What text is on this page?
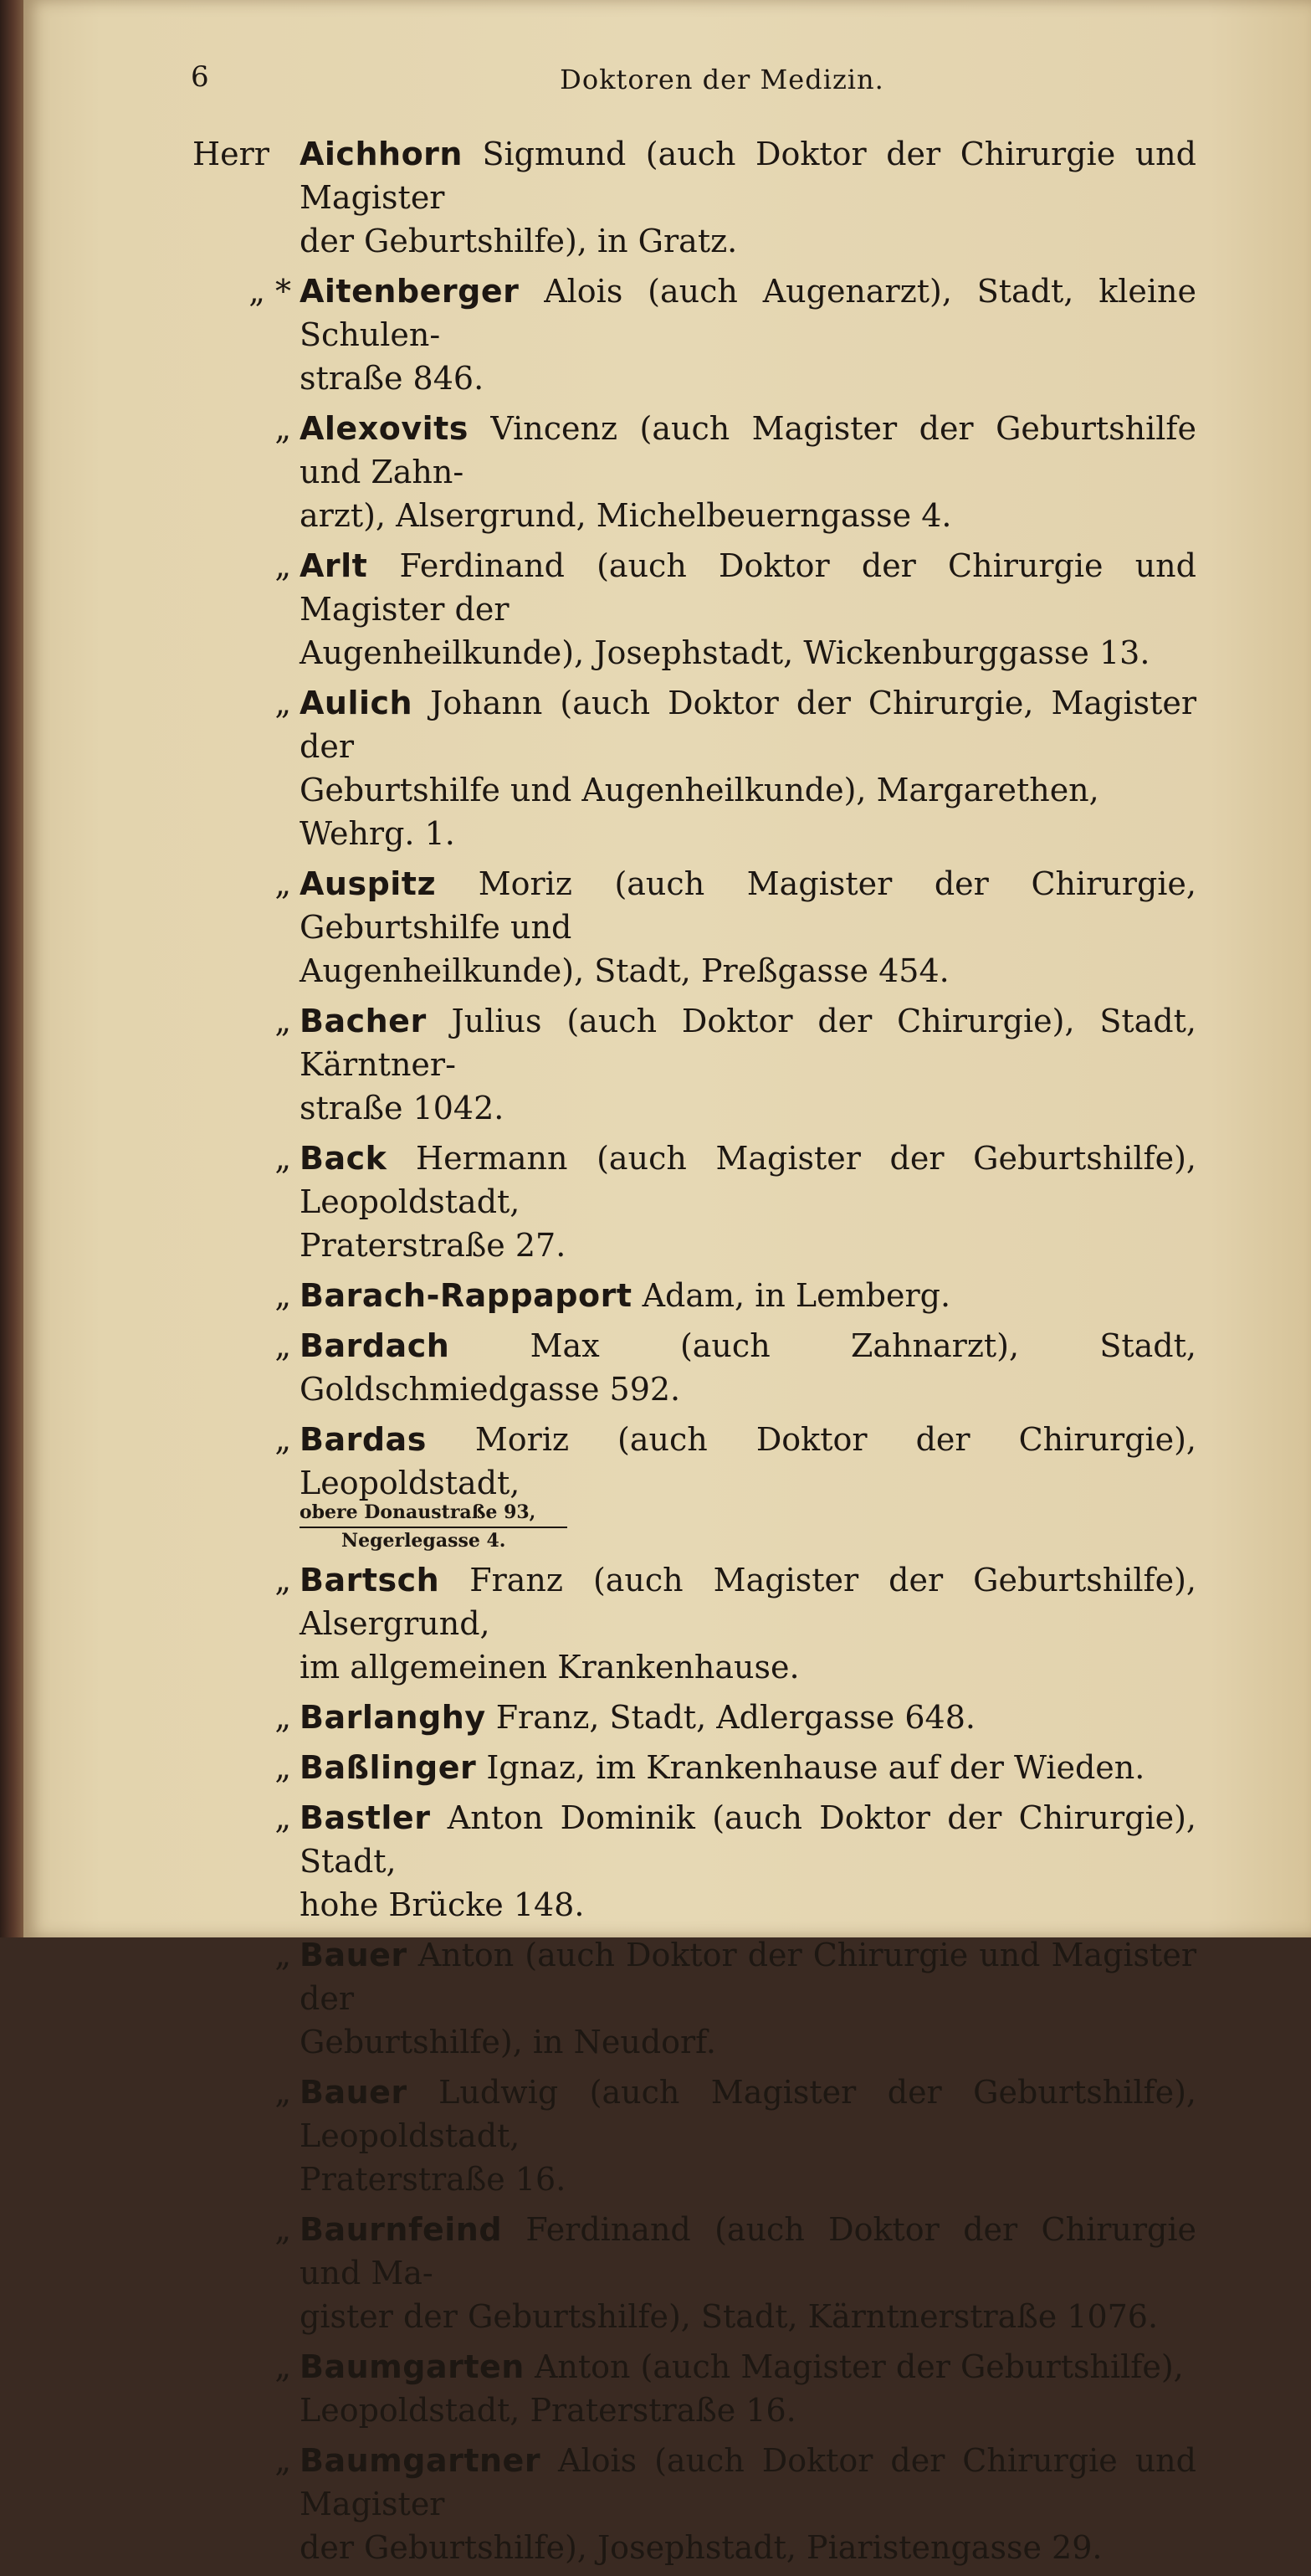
6	Doktoren der Medizin.
Herr Aichhorn Sigmund (auch Doktor der Chirurgie und Magister
der Geburtshilfe), in Gratz.
„ * Aitenberger Alois (auch Augenarzt), Stadt, kleine Schulen-
straße 846.
„ Alexovits Vincenz (auch Magister der Geburtshilfe und Zahn-
arzt), Alsergrund, Michelbeuerngasse 4.
„ Arlt Ferdinand (auch Doktor der Chirurgie und Magister der
Augenheilkunde), Josephstadt, Wickenburggasse 13.
„ Aulich Johann (auch Doktor der Chirurgie, Magister der
Geburtshilfe und Augenheilkunde), Margarethen, Wehrg. 1.
„ Auspitz Moriz (auch Magister der Chirurgie, Geburtshilfe und
Augenheilkunde), Stadt, Preßgasse 454.
„ Bacher Julius (auch Doktor der Chirurgie), Stadt, Kärntner-
straße 1042.
„ Back Hermann (auch Magister der Geburtshilfe), Leopoldstadt,
Praterstraße 27.
„ Barach-Rappaport Adam, in Lemberg.
„ Bardach	Max (auch Zahnarzt), Stadt, Goldschmiedgasse 592.
„ Bardas Moriz (auch Doktor der Chirurgie), Leopoldstadt,
obere Donaustraße 93,
Negerlegasse 4.
„ Bartsch Franz (auch Magister der Geburtshilfe), Alsergrund,
im allgemeinen Krankenhause.
„ Barlanghy Franz, Stadt, Adlergasse 648.
„ Baßlinger Ignaz, im Krankenhause auf der Wieden.
„ Bastler Anton Dominik (auch Doktor der Chirurgie), Stadt,
hohe Brücke 148.
„ Bauer Anton (auch Doktor der Chirurgie und Magister der
Geburtshilfe), in Neudorf.
„ Bauer Ludwig (auch Magister der Geburtshilfe), Leopoldstadt,
Praterstraße 16.
„ Baurnfeind Ferdinand (auch Doktor der Chirurgie und Ma-
gister der Geburtshilfe), Stadt, Kärntnerstraße 1076.
„ Baumgarten Anton (auch Magister der Geburtshilfe),
Leopoldstadt, Praterstraße 16.
„ Baumgartner Alois (auch Doktor der Chirurgie und Magister
der Geburtshilfe), Josephstadt, Piaristengasse 29.
